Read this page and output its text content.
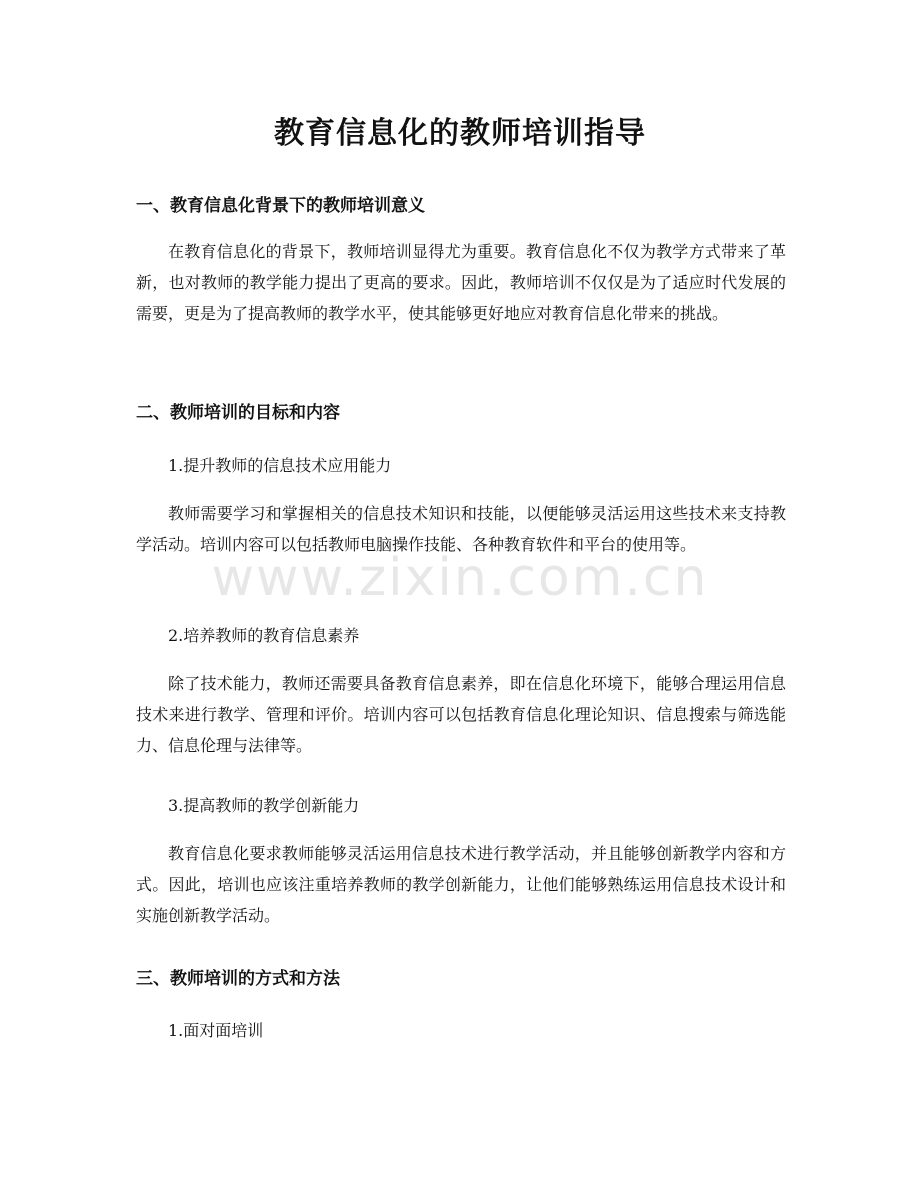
教育信息化的教师培训指导
一、教育信息化背景下的教师培训意义
在教育信息化的背景下，教师培训显得尤为重要。教育信息化不仅为教学方式带来了革新，也对教师的教学能力提出了更高的要求。因此，教师培训不仅仅是为了适应时代发展的需要，更是为了提高教师的教学水平，使其能够更好地应对教育信息化带来的挑战。
二、教师培训的目标和内容
1.提升教师的信息技术应用能力
教师需要学习和掌握相关的信息技术知识和技能，以便能够灵活运用这些技术来支持教学活动。培训内容可以包括教师电脑操作技能、各种教育软件和平台的使用等。
2.培养教师的教育信息素养
除了技术能力，教师还需要具备教育信息素养，即在信息化环境下，能够合理运用信息技术来进行教学、管理和评价。培训内容可以包括教育信息化理论知识、信息搜索与筛选能力、信息伦理与法律等。
3.提高教师的教学创新能力
教育信息化要求教师能够灵活运用信息技术进行教学活动，并且能够创新教学内容和方式。因此，培训也应该注重培养教师的教学创新能力，让他们能够熟练运用信息技术设计和实施创新教学活动。
三、教师培训的方式和方法
1.面对面培训
www.zixin.com.cn
